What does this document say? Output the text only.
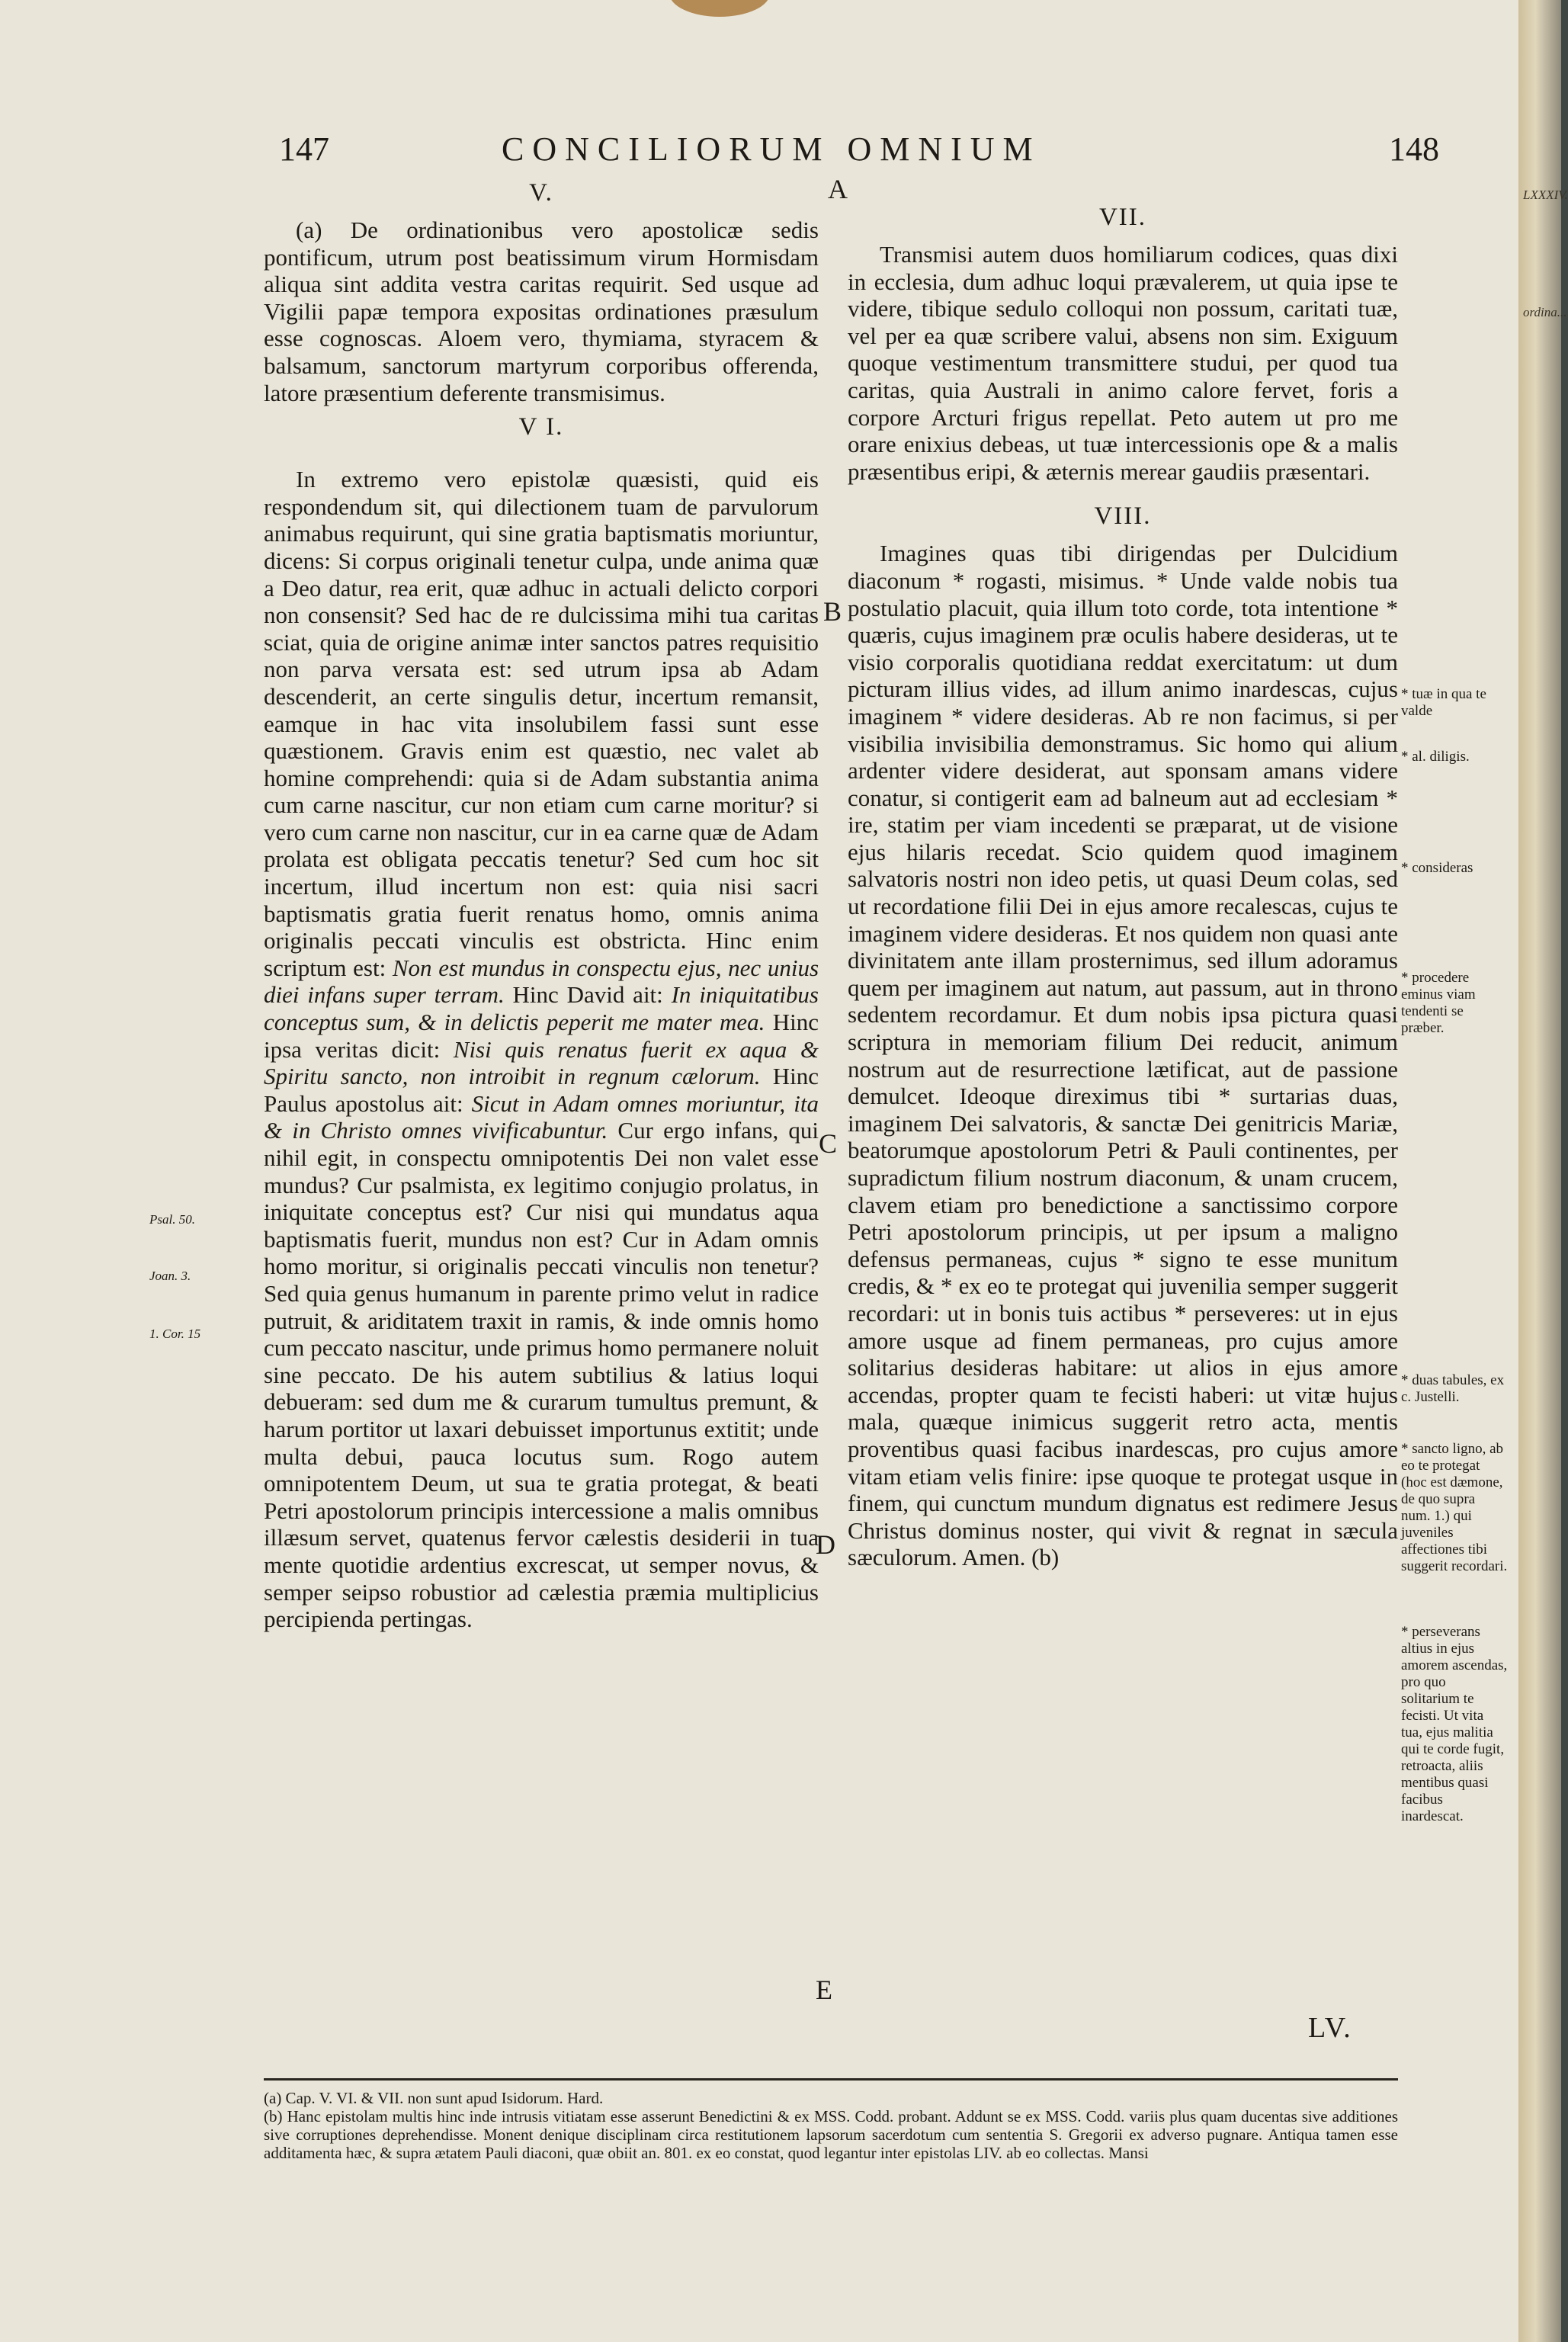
147	CONCILIORUM OMNIUM	148
V.

(a) De ordinationibus vero apostolicæ sedis pontificum, utrum post beatissimum virum Hormisdam aliqua sint addita vestra caritas requirit. Sed usque ad Vigilii papæ tempora expositas ordinationes præsulum esse cognoscas. Aloem vero, thymiama, styracem & balsamum, sanctorum martyrum corporibus offerenda, latore præsentium deferente transmisimus.

V I.

In extremo vero epistolæ quæsisti, quid eis respondendum sit, qui dilectionem tuam de parvulorum animabus requirunt, qui sine gratia baptismatis moriuntur, dicens: Si corpus originali tenetur culpa, unde anima quæ a Deo datur, rea erit, quæ adhuc in actuali delicto corpori non consensit? Sed hac de re dulcissima mihi tua caritas sciat, quia de origine animæ inter sanctos patres requisitio non parva versata est: sed utrum ipsa ab Adam descenderit, an certe singulis detur, incertum remansit, eamque in hac vita insolubilem fassi sunt esse quæstionem. Gravis enim est quæstio, nec valet ab homine comprehendi: quia si de Adam substantia anima cum carne nascitur, cur non etiam cum carne moritur? si vero cum carne non nascitur, cur in ea carne quæ de Adam prolata est obligata peccatis tenetur? Sed cum hoc sit incertum, illud incertum non est: quia nisi sacri baptismatis gratia fuerit renatus homo, omnis anima originalis peccati vinculis est obstricta. Hinc enim scriptum est: Non est mundus in conspectu ejus, nec unius diei infans super terram. Hinc David ait: In iniquitatibus conceptus sum, & in delictis peperit me mater mea. Hinc ipsa veritas dicit: Nisi quis renatus fuerit ex aqua & Spiritu sancto, non introibit in regnum cælorum. Hinc Paulus apostolus ait: Sicut in Adam omnes moriuntur, ita & in Christo omnes vivificabuntur. Cur ergo infans, qui nihil egit, in conspectu omnipotentis Dei non valet esse mundus? Cur psalmista, ex legitimo conjugio prolatus, in iniquitate conceptus est? Cur nisi qui mundatus aqua baptismatis fuerit, mundus non est? Cur in Adam omnis homo moritur, si originalis peccati vinculis non tenetur? Sed quia genus humanum in parente primo velut in radice putruit, & ariditatem traxit in ramis, & inde omnis homo cum peccato nascitur, unde primus homo permanere noluit sine peccato. De his autem subtilius & latius loqui debueram: sed dum me & curarum tumultus premunt, & harum portitor ut laxari debuisset importunus extitit; unde multa debui, pauca locutus sum. Rogo autem omnipotentem Deum, ut sua te gratia protegat, & beati Petri apostolorum principis intercessione a malis omnibus illæsum servet, quatenus fervor cælestis desiderii in tua mente quotidie ardentius excrescat, ut semper novus, & semper seipso robustior ad cælestia præmia multiplicius percipienda pertingas.

VII.

Transmisi autem duos homiliarum codices, quas dixi in ecclesia, dum adhuc loqui prævalerem, ut quia ipse te videre, tibique sedulo colloqui non possum, caritati tuæ, vel per ea quæ scribere valui, absens non sim. Exiguum quoque vestimentum transmittere studui, per quod tua caritas, quia Australi in animo calore fervet, foris a corpore Arcturi frigus repellat. Peto autem ut pro me orare enixius debeas, ut tuæ intercessionis ope & a malis præsentibus eripi, & æternis merear gaudiis præsentari.

VIII.

Imagines quas tibi dirigendas per Dulcidium diaconum * rogasti, misimus. * Unde valde nobis tua postulatio placuit, quia illum toto corde, tota intentione * quæris, cujus imaginem præ oculis habere desideras, ut te visio corporalis quotidiana reddat exercitatum: ut dum picturam illius vides, ad illum animo inardescas, cujus imaginem * videre desideras. Ab re non facimus, si per visibilia invisibilia demonstramus. Sic homo qui alium ardenter videre desiderat, aut sponsam amans videre conatur, si contigerit eam ad balneum aut ad ecclesiam * ire, statim per viam incedenti se præparat, ut de visione ejus hilaris recedat. Scio quidem quod imaginem salvatoris nostri non ideo petis, ut quasi Deum colas, sed ut recordatione filii Dei in ejus amore recalescas, cujus te imaginem videre desideras. Et nos quidem non quasi ante divinitatem ante illam prosternimus, sed illum adoramus quem per imaginem aut natum, aut passum, aut in throno sedentem recordamur. Et dum nobis ipsa pictura quasi scriptura in memoriam filium Dei reducit, animum nostrum aut de resurrectione lætificat, aut de passione demulcet. Ideoque direximus tibi * surtarias duas, imaginem Dei salvatoris, & sanctæ Dei genitricis Mariæ, beatorumque apostolorum Petri & Pauli continentes, per supradictum filium nostrum diaconum, & unam crucem, clavem etiam pro benedictione a sanctissimo corpore Petri apostolorum principis, ut per ipsum a maligno defensus permaneas, cujus * signo te esse munitum credis, & * ex eo te protegat qui juvenilia semper suggerit recordari: ut in bonis tuis actibus * perseveres: ut in ejus amore usque ad finem permaneas, pro cujus amore solitarius desideras habitare: ut alios in ejus amore accendas, propter quam te fecisti haberi: ut vitæ hujus mala, quæque inimicus suggerit retro acta, mentis proventibus quasi facibus inardescas, pro cujus amore vitam etiam velis finire: ipse quoque te protegat usque in finem, qui cunctum mundum dignatus est redimere Jesus Christus dominus noster, qui vivit & regnat in sæcula sæculorum. Amen. (b)

A
B
C
D
E
Psal. 50.
Joan. 3.
1. Cor. 15
* tuæ in qua te valde
* al. diligis.
* consideras
* procedere eminus viam tendenti se præber.
* duas tabules, ex c. Justelli.
* sancto ligno, ab eo te protegat (hoc est dæmone, de quo supra num. 1.) qui juveniles affectiones tibi suggerit recordari.
* perseverans altius in ejus amorem ascendas, pro quo solitarium te fecisti. Ut vita tua, ejus malitia qui te corde fugit, retroacta, aliis mentibus quasi facibus inardescat.
LV.

(a) Cap. V. VI. & VII. non sunt apud Isidorum. Hard.

(b) Hanc epistolam multis hinc inde intrusis vitiatam esse asserunt Benedictini & ex MSS. Codd. probant. Addunt se ex MSS. Codd. variis plus quam ducentas sive additiones sive corruptiones deprehendisse. Monent denique disciplinam circa restitutionem lapsorum sacerdotum cum sententia S. Gregorii ex adverso pugnare. Antiqua tamen esse additamenta hæc, & supra ætatem Pauli diaconi, quæ obiit an. 801. ex eo constat, quod legantur inter epistolas LIV. ab eo collectas. Mansi

LXXXIV.
ordina...
